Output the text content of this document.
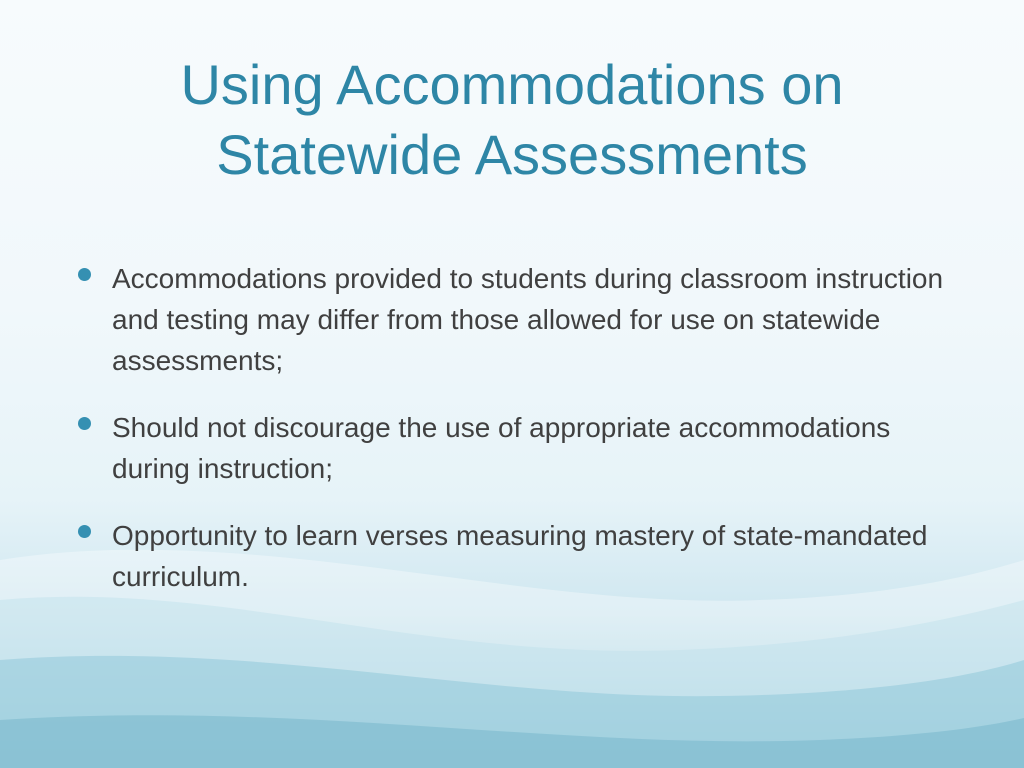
Using Accommodations on
Statewide Assessments
Accommodations provided to students during classroom instruction and testing may differ from those allowed for use on statewide assessments;
Should not discourage the use of appropriate accommodations during instruction;
Opportunity to learn verses measuring mastery of state-mandated curriculum.
